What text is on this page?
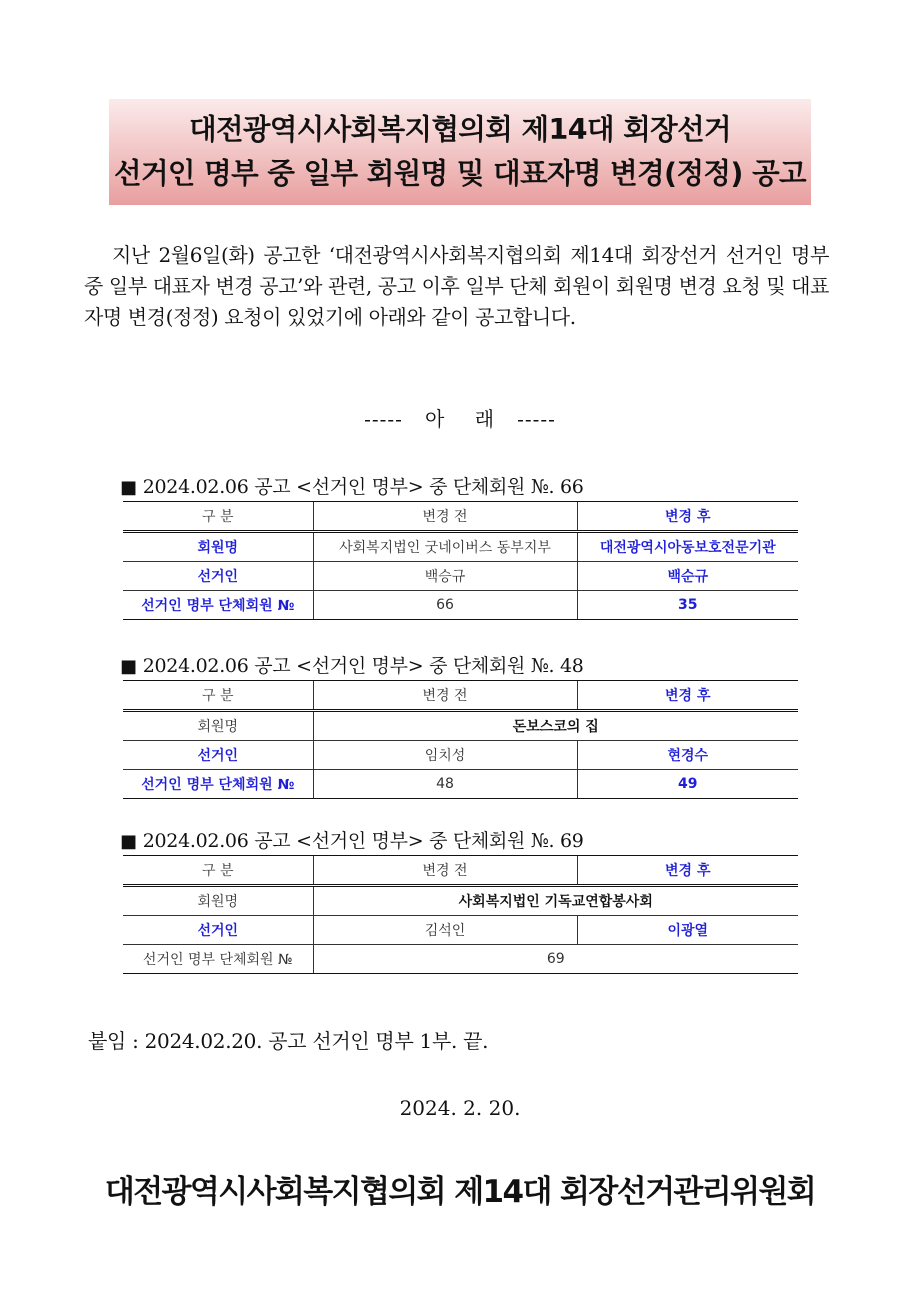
대전광역시사회복지협의회 제14대 회장선거
선거인 명부 중 일부 회원명 및 대표자명 변경(정정) 공고
지난 2월6일(화) 공고한 ‘대전광역시사회복지협의회 제14대 회장선거 선거인 명부 중 일부 대표자 변경 공고’와 관련, 공고 이후 일부 단체 회원이 회원명 변경 요청 및 대표자명 변경(정정) 요청이 있었기에 아래와 같이 공고합니다.
-----   아    래   -----
■ 2024.02.06 공고 <선거인 명부> 중 단체회원 №. 66
구 분	변경 전	변경 후
회원명	사회복지법인 굿네이버스 동부지부	대전광역시아동보호전문기관
선거인	백승규	백순규
선거인 명부 단체회원 №	66	35
■ 2024.02.06 공고 <선거인 명부> 중 단체회원 №. 48
구 분	변경 전	변경 후
회원명	돈보스코의 집	
선거인	임치성	현경수
선거인 명부 단체회원 №	48	49
■ 2024.02.06 공고 <선거인 명부> 중 단체회원 №. 69
구 분	변경 전	변경 후
회원명	사회복지법인 기독교연합봉사회	
선거인	김석인	이광열
선거인 명부 단체회원 №	69	
붙임 : 2024.02.20. 공고 선거인 명부 1부. 끝.
2024. 2. 20.
대전광역시사회복지협의회 제14대 회장선거관리위원회
